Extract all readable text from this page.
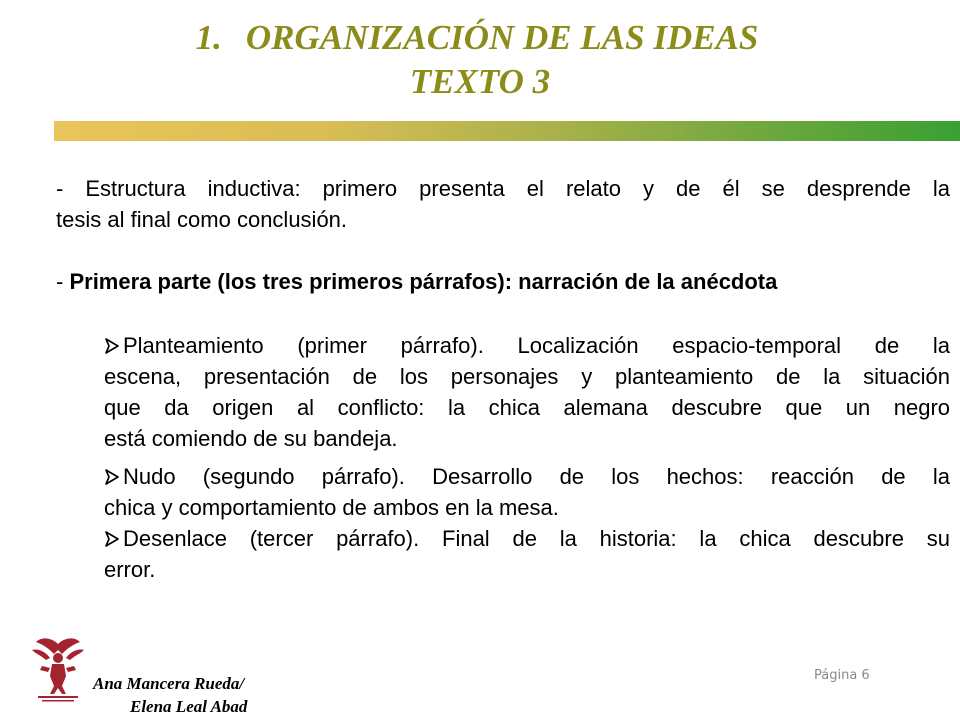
1. ORGANIZACIÓN DE LAS IDEAS
TEXTO 3

- Estructura inductiva: primero presenta el relato y de él se desprende la
tesis al final como conclusión.

- Primera parte (los tres primeros párrafos): narración de la anécdota

Planteamiento (primer párrafo). Localización espacio-temporal de la
escena, presentación de los personajes y planteamiento de la situación
que da origen al conflicto: la chica alemana descubre que un negro
está comiendo de su bandeja.
Nudo (segundo párrafo). Desarrollo de los hechos: reacción de la
chica y comportamiento de ambos en la mesa.
Desenlace (tercer párrafo). Final de la historia: la chica descubre su
error.
Ana Mancera Rueda/
Elena Leal Abad
Página 6
